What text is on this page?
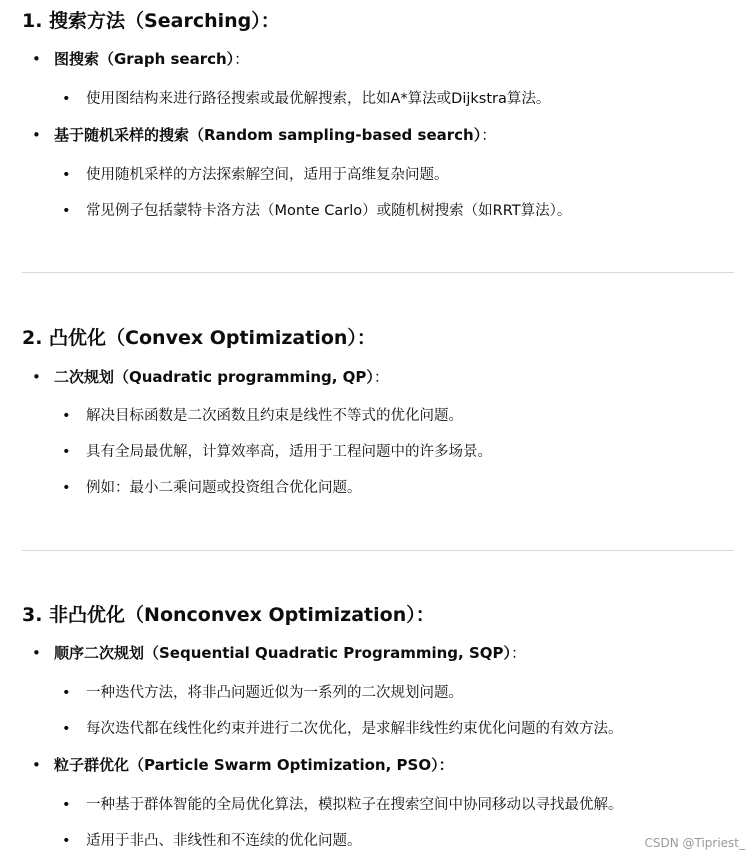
1. 搜索方法（Searching）：
• 图搜索（Graph search）：
• 使用图结构来进行路径搜索或最优解搜索，比如A*算法或Dijkstra算法。
• 基于随机采样的搜索（Random sampling-based search）：
• 使用随机采样的方法探索解空间，适用于高维复杂问题。
• 常见例子包括蒙特卡洛方法（Monte Carlo）或随机树搜索（如RRT算法）。
2. 凸优化（Convex Optimization）：
• 二次规划（Quadratic programming, QP）：
• 解决目标函数是二次函数且约束是线性不等式的优化问题。
• 具有全局最优解，计算效率高，适用于工程问题中的许多场景。
• 例如：最小二乘问题或投资组合优化问题。
3. 非凸优化（Nonconvex Optimization）：
• 顺序二次规划（Sequential Quadratic Programming, SQP）：
• 一种迭代方法，将非凸问题近似为一系列的二次规划问题。
• 每次迭代都在线性化约束并进行二次优化，是求解非线性约束优化问题的有效方法。
• 粒子群优化（Particle Swarm Optimization, PSO）：
• 一种基于群体智能的全局优化算法，模拟粒子在搜索空间中协同移动以寻找最优解。
• 适用于非凸、非线性和不连续的优化问题。	CSDN @Tipriest_
